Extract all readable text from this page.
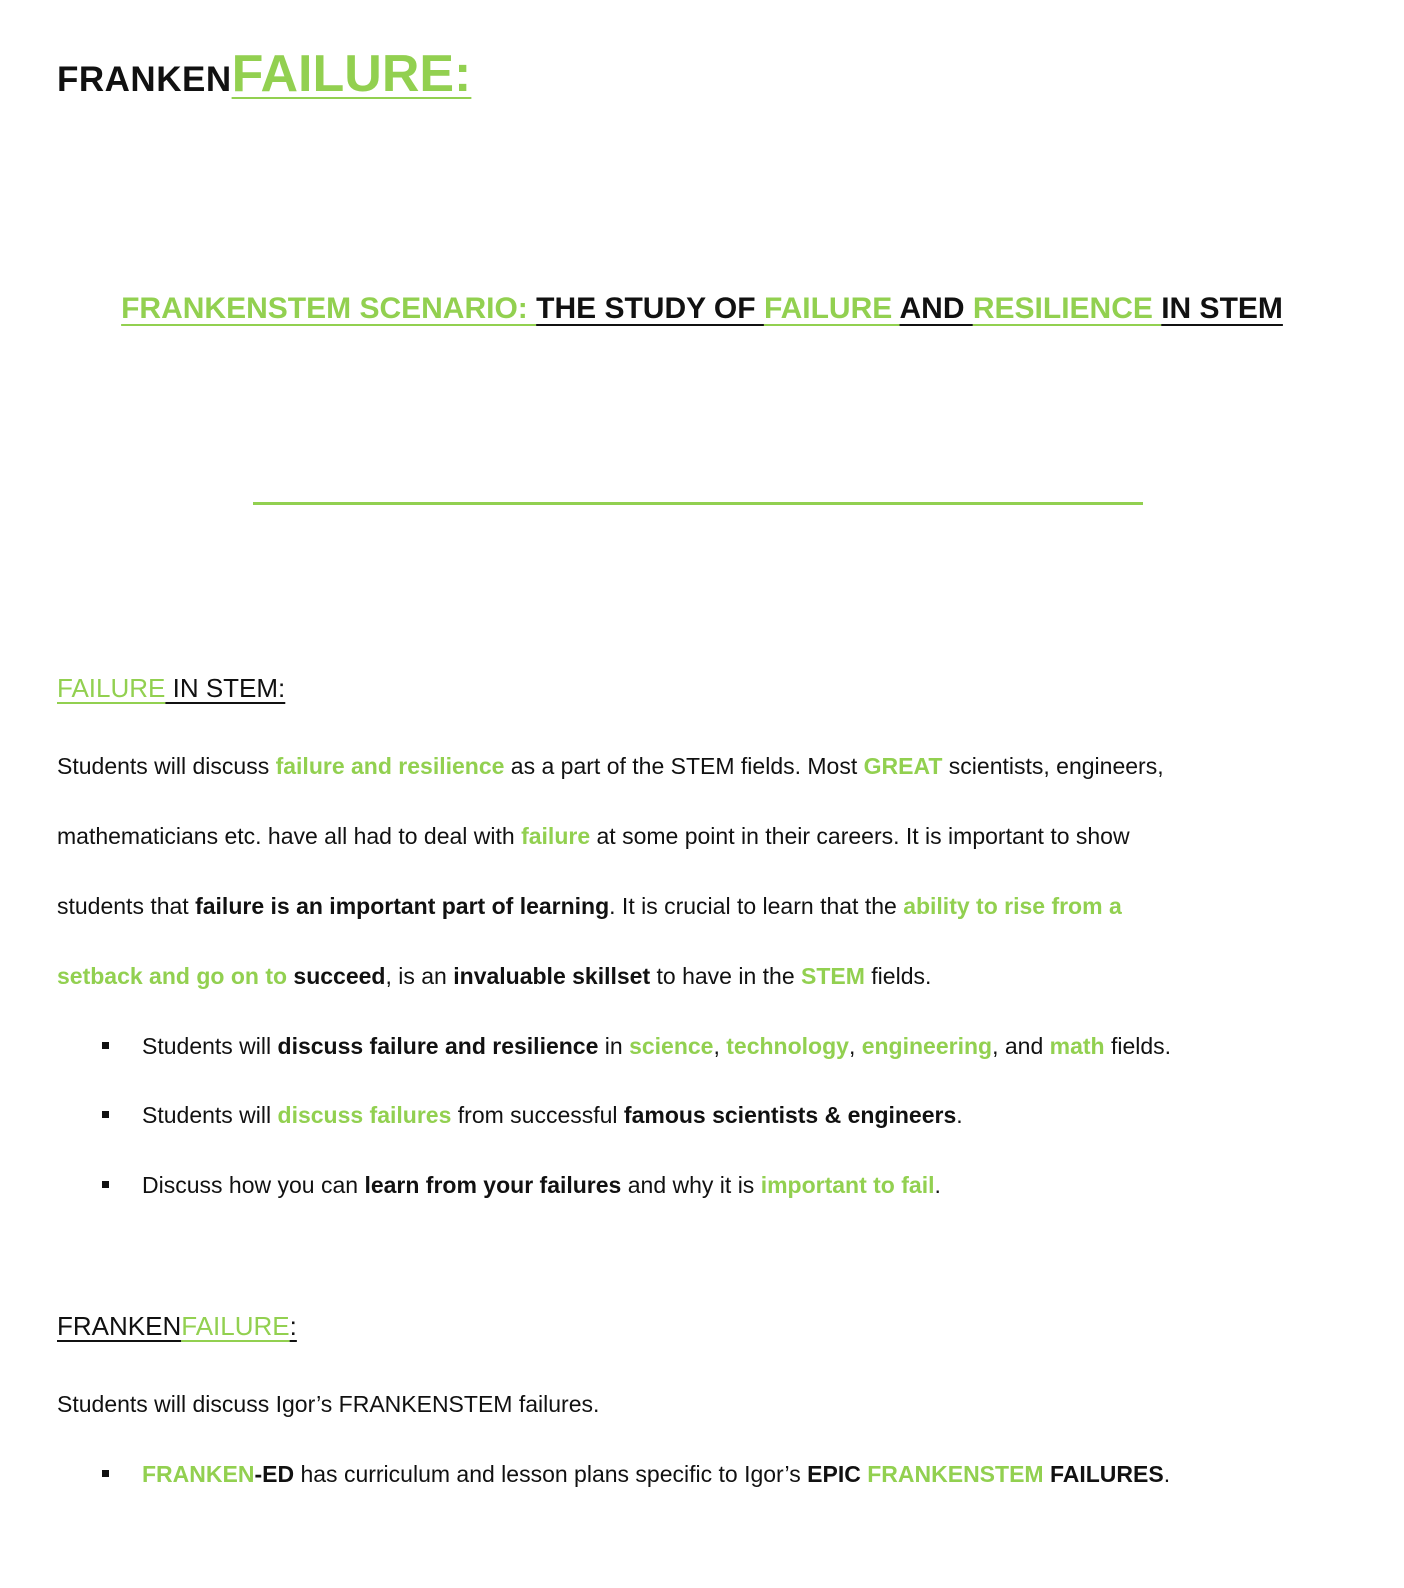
FRANKENFAILURE:
FRANKENSTEM SCENARIO: THE STUDY OF FAILURE AND RESILIENCE IN STEM
FAILURE IN STEM:
Students will discuss failure and resilience as a part of the STEM fields. Most GREAT scientists, engineers,
mathematicians etc. have all had to deal with failure at some point in their careers. It is important to show
students that failure is an important part of learning. It is crucial to learn that the ability to rise from a
setback and go on to succeed, is an invaluable skillset to have in the STEM fields.
Students will discuss failure and resilience in science, technology, engineering, and math fields.
Students will discuss failures from successful famous scientists & engineers.
Discuss how you can learn from your failures and why it is important to fail.
FRANKENFAILURE:
Students will discuss Igor’s FRANKENSTEM failures.
FRANKEN-ED has curriculum and lesson plans specific to Igor’s EPIC FRANKENSTEM FAILURES.
